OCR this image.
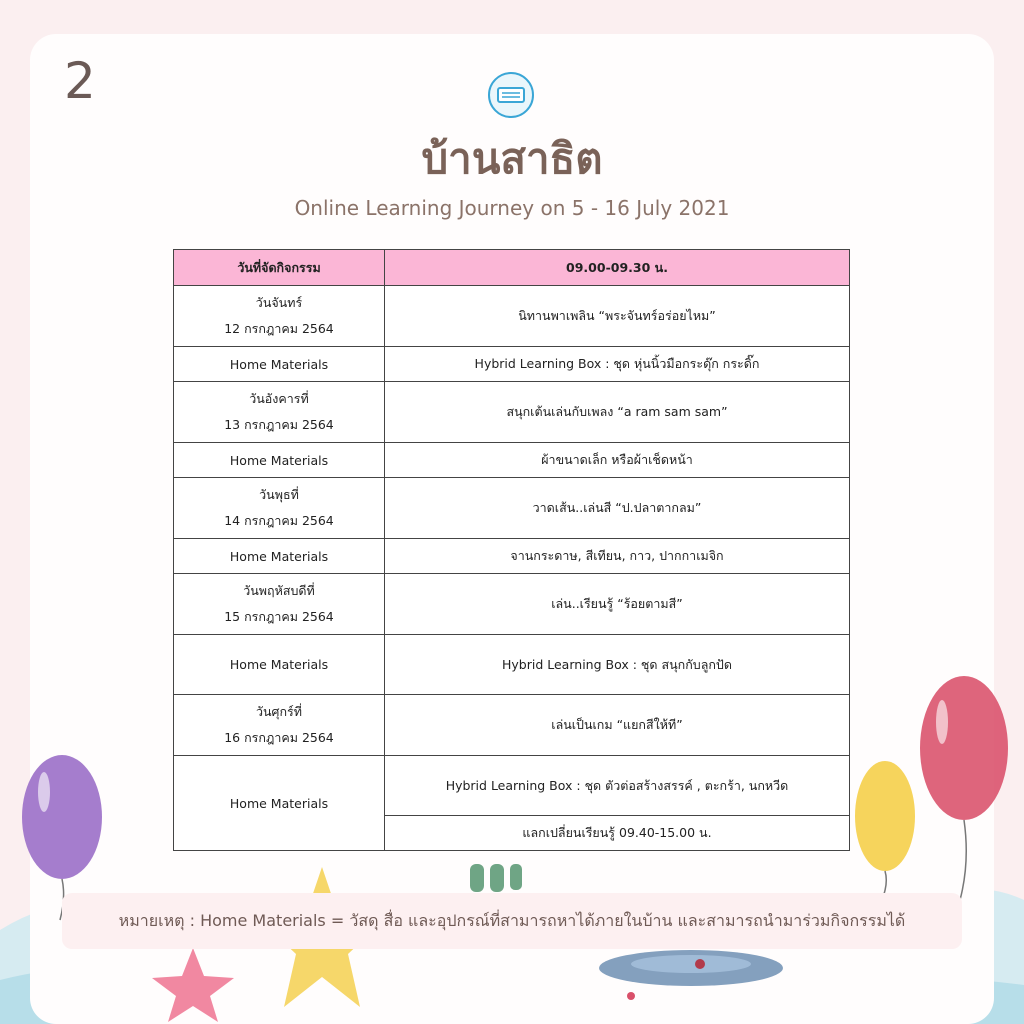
2
บ้านสาธิต
Online Learning Journey on 5 - 16 July 2021
วันที่จัดกิจกรรม	09.00-09.30 น.
วันจันทร์
12 กรกฎาคม 2564	นิทานพาเพลิน “พระจันทร์อร่อยไหม”
Home Materials	Hybrid Learning Box : ชุด หุ่นนิ้วมือกระดุ๊ก กระดิ๊ก
วันอังคารที่
13 กรกฎาคม 2564	สนุกเต้นเล่นกับเพลง “a ram sam sam”
Home Materials	ผ้าขนาดเล็ก หรือผ้าเช็ดหน้า
วันพุธที่
14 กรกฎาคม 2564	วาดเส้น..เล่นสี “ป.ปลาตากลม”
Home Materials	จานกระดาษ, สีเทียน, กาว, ปากกาเมจิก
วันพฤหัสบดีที่
15 กรกฎาคม 2564	เล่น..เรียนรู้ “ร้อยตามสี”
Home Materials	Hybrid Learning Box : ชุด สนุกกับลูกปัด
วันศุกร์ที่
16 กรกฎาคม 2564	เล่นเป็นเกม “แยกสีให้ที”
Home Materials	Hybrid Learning Box : ชุด ตัวต่อสร้างสรรค์ , ตะกร้า, นกหวีด
	แลกเปลี่ยนเรียนรู้ 09.40-15.00 น.
หมายเหตุ : Home Materials = วัสดุ สื่อ และอุปกรณ์ที่สามารถหาได้ภายในบ้าน และสามารถนำมาร่วมกิจกรรมได้
